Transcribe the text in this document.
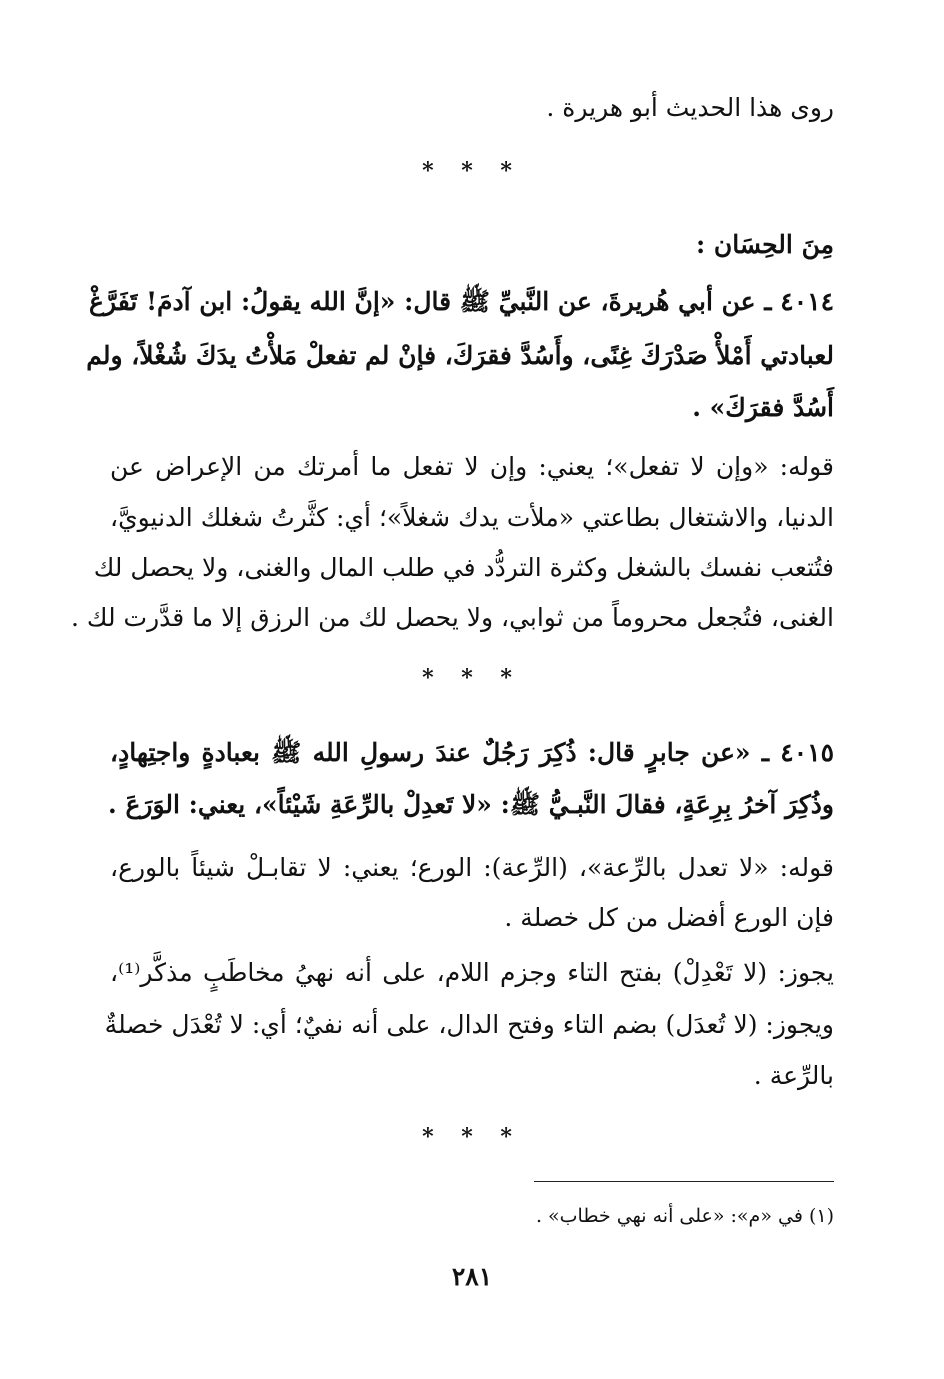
روى هذا الحديث أبو هريرة .
* * *
مِنَ الحِسَان :
٤٠١٤ ـ عن أبي هُريرةَ، عن النَّبيِّ ﷺ قال: «إنَّ الله يقولُ: ابن آدمَ! تَفَرَّغْ
لعبادتي أَمْلأْ صَدْرَكَ غِنًى، وأَسُدَّ فقرَكَ، فإنْ لم تفعلْ مَلأْتُ يدَكَ شُغْلاً، ولم
أَسُدَّ فقرَكَ» .
قوله: «وإن لا تفعل»؛ يعني: وإن لا تفعل ما أمرتك من الإعراض عن
الدنيا، والاشتغال بطاعتي «ملأت يدك شغلاً»؛ أي: كثَّرتُ شغلك الدنيويَّ،
فتُتعب نفسك بالشغل وكثرة التردُّد في طلب المال والغنى، ولا يحصل لك
الغنى، فتُجعل محروماً من ثوابي، ولا يحصل لك من الرزق إلا ما قدَّرت لك .
* * *
٤٠١٥ ـ «عن جابرٍ قال: ذُكِرَ رَجُلٌ عندَ رسولِ الله ﷺ بعبادةٍ واجتِهادٍ،
وذُكِرَ آخرُ بِرِعَةٍ، فقالَ النَّبـيُّ ﷺ: «لا تَعدِلْ بالرِّعَةِ شَيْئاً»، يعني: الوَرَعَ .
قوله: «لا تعدل بالرِّعة»، (الرِّعة): الورع؛ يعني: لا تقابـلْ شيئاً بالورع،
فإن الورع أفضل من كل خصلة .
يجوز: (لا تَعْدِلْ) بفتح التاء وجزم اللام، على أنه نهيُ مخاطَبٍ مذكَّر⁽¹⁾،
ويجوز: (لا تُعدَل) بضم التاء وفتح الدال، على أنه نفيٌ؛ أي: لا تُعْدَل خصلةٌ
بالرِّعة .
* * *
(١) في «م»: «على أنه نهي خطاب» .
٢٨١
